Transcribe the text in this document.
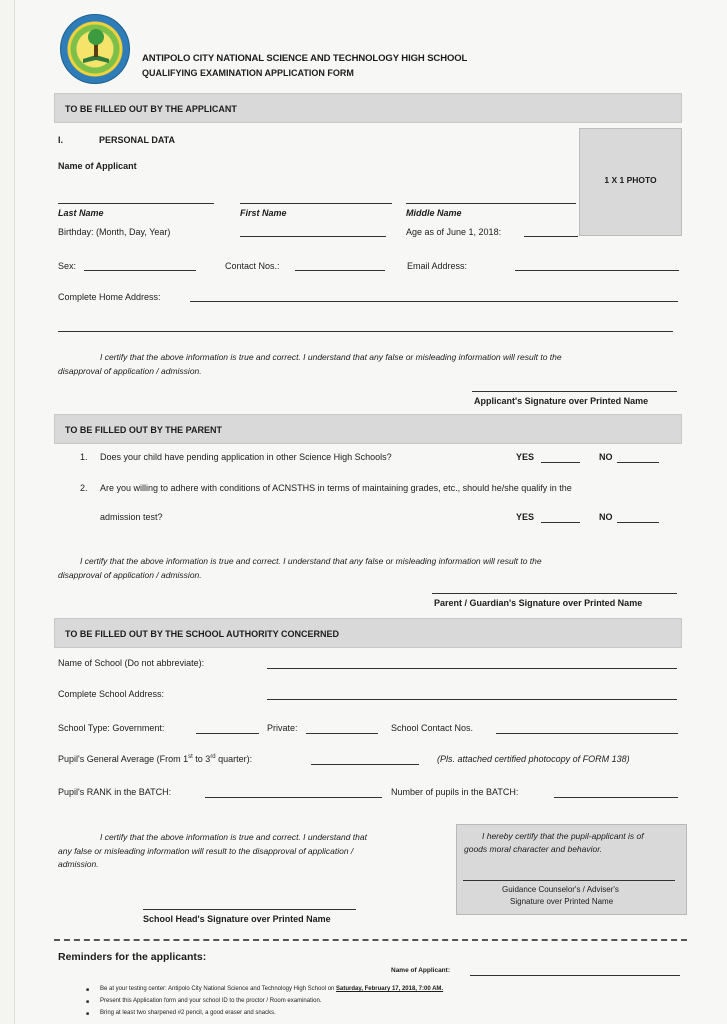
ANTIPOLO CITY NATIONAL SCIENCE AND TECHNOLOGY HIGH SCHOOL
QUALIFYING EXAMINATION APPLICATION FORM
TO BE FILLED OUT BY THE APPLICANT
I.	PERSONAL DATA
Name of Applicant
1 X 1 PHOTO
Last Name	First Name	Middle Name
Birthday: (Month, Day, Year)	Age as of June 1, 2018:
Sex:	Contact Nos.:	Email Address:
Complete Home Address:
I certify that the above information is true and correct. I understand that any false or misleading information will result to the
disapproval of application / admission.
Applicant's Signature over Printed Name
TO BE FILLED OUT BY THE PARENT
1. Does your child have pending application in other Science High Schools?	YES	NO
2. Are you willing to adhere with conditions of ACNSTHS in terms of maintaining grades, etc., should he/she qualify in the
admission test?	YES	NO
I certify that the above information is true and correct. I understand that any false or misleading information will result to the
disapproval of application / admission.
Parent / Guardian's Signature over Printed Name
TO BE FILLED OUT BY THE SCHOOL AUTHORITY CONCERNED
Name of School (Do not abbreviate):
Complete School Address:
School Type: Government:	Private:	School Contact Nos.
Pupil's General Average (From 1st to 3rd quarter):	(Pls. attached certified photocopy of FORM 138)
Pupil's RANK in the BATCH:	Number of pupils in the BATCH:
I certify that the above information is true and correct. I understand that
any false or misleading information will result to the disapproval of application /
admission.
I hereby certify that the pupil-applicant is of
goods moral character and behavior.
Guidance Counselor's / Adviser's
Signature over Printed Name
School Head's Signature over Printed Name
Reminders for the applicants:
Name of Applicant:
■ Be at your testing center: Antipolo City National Science and Technology High School on Saturday, February 17, 2018, 7:00 AM.
■ Present this Application form and your school ID to the proctor / Room examination.
■ Bring at least two sharpened #2 pencil, a good eraser and snacks.
